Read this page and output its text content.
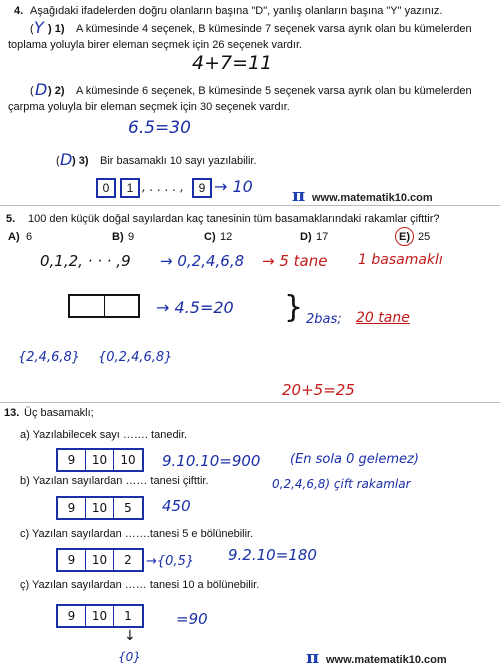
4. Aşağıdaki ifadelerden doğru olanların başına "D", yanlış olanların başına "Y" yazınız.
( Y ) 1) A kümesinde 4 seçenek, B kümesinde 7 seçenek varsa ayrık olan bu kümelerden
toplama yoluyla birer eleman seçmek için 26 seçenek vardır.
4+7=11
( D ) 2) A kümesinde 6 seçenek, B kümesinde 5 seçenek varsa ayrık olan bu kümelerden
çarpma yoluyla bir eleman seçmek için 30 seçenek vardır.
6.5=30
( D ) 3) Bir basamaklı 10 sayı yazılabilir.
0	1 , . . . . ,	9 → 10 π www.matematik10.com
5. 100 den küçük doğal sayılardan kaç tanesinin tüm basamaklarındaki rakamlar çifttir?
A) 6	B) 9	C) 12	D) 17	E) 25
0,1,2, · · · ,9 → 0,2,4,6,8 → 5 tane 1 basamaklı
→ 4.5=20 } 2bas; 20 tane
{2,4,6,8} {0,2,4,6,8}
20+5=25
13. Üç basamaklı;
a) Yazılabilecek sayı ……. tanedir.
9	10	10	9.10.10=900 (En sola 0 gelemez)
b) Yazılan sayılardan …… tanesi çifttir.
9	10	5	450
0,2,4,6,8) çift rakamlar
c) Yazılan sayılardan …….tanesi 5 e bölünebilir.
9	10	2	→{0,5} 9.2.10=180
ç) Yazılan sayılardan …… tanesi 10 a bölünebilir.
9	10	1	=90
↓
{0}	π www.matematik10.com
